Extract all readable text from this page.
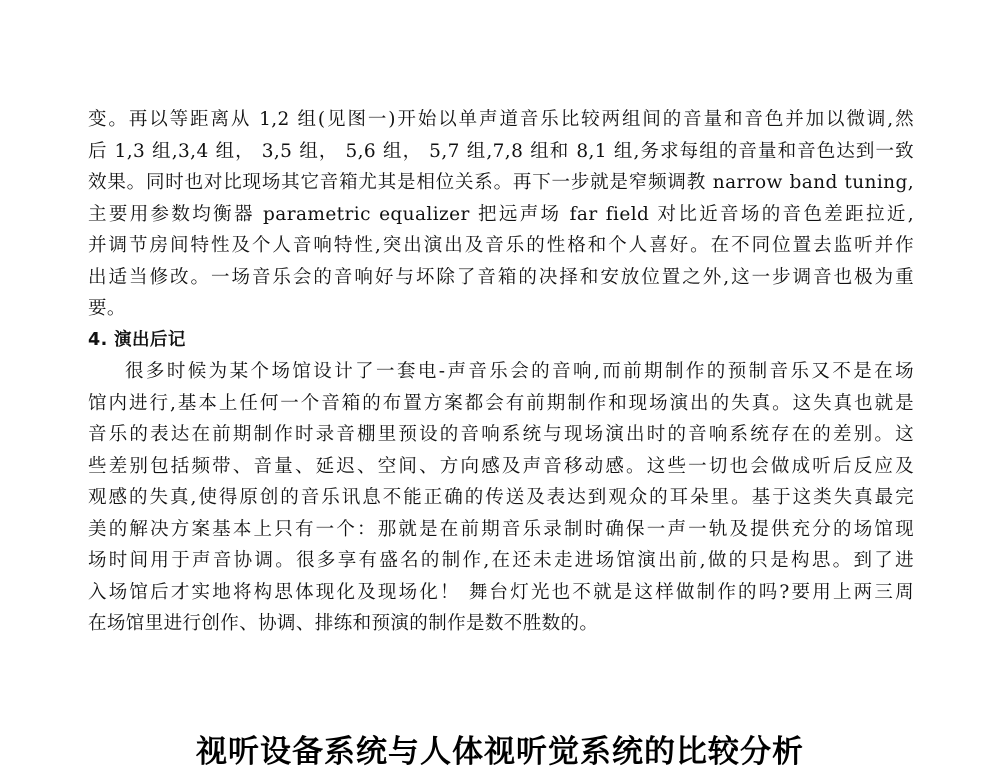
变。再以等距离从 1,2 组(见图一)开始以单声道音乐比较两组间的音量和音色并加以微调,然
后 1,3 组,3,4 组， 3,5 组， 5,6 组， 5,7 组,7,8 组和 8,1 组,务求每组的音量和音色达到一致
效果。同时也对比现场其它音箱尤其是相位关系。再下一步就是窄频调教 narrow band tuning,
主要用参数均衡器 parametric equalizer 把远声场 far field 对比近音场的音色差距拉近,
并调节房间特性及个人音响特性,突出演出及音乐的性格和个人喜好。在不同位置去监听并作
出适当修改。一场音乐会的音响好与坏除了音箱的决择和安放位置之外,这一步调音也极为重
要。
4. 演出后记
很多时候为某个场馆设计了一套电-声音乐会的音响,而前期制作的预制音乐又不是在场
馆内进行,基本上任何一个音箱的布置方案都会有前期制作和现场演出的失真。这失真也就是
音乐的表达在前期制作时录音棚里预设的音响系统与现场演出时的音响系统存在的差别。这
些差别包括频带、音量、延迟、空间、方向感及声音移动感。这些一切也会做成听后反应及
观感的失真,使得原创的音乐讯息不能正确的传送及表达到观众的耳朵里。基于这类失真最完
美的解决方案基本上只有一个：那就是在前期音乐录制时确保一声一轨及提供充分的场馆现
场时间用于声音协调。很多享有盛名的制作,在还未走进场馆演出前,做的只是构思。到了进
入场馆后才实地将构思体现化及现场化！ 舞台灯光也不就是这样做制作的吗?要用上两三周
在场馆里进行创作、协调、排练和预演的制作是数不胜数的。
视听设备系统与人体视听觉系统的比较分析
